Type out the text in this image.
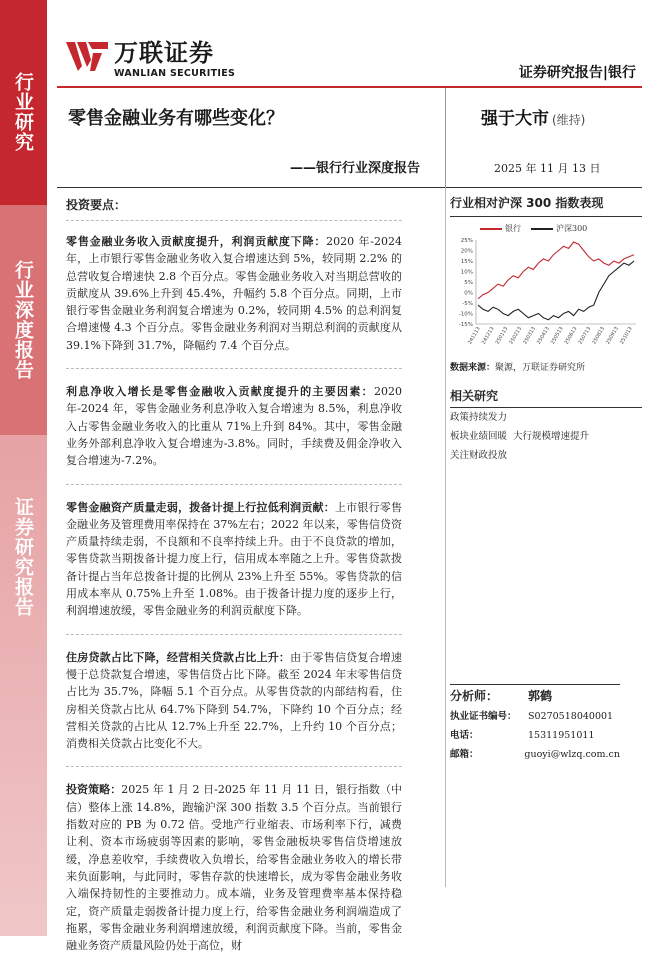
行业研究
行业深度报告
证券研究报告
万联证券
WANLIAN SECURITIES	证券研究报告|银行
零售金融业务有哪些变化？
——银行行业深度报告
强于大市 (维持)
2025 年 11 月 13 日
投资要点：

零售金融业务收入贡献度提升，利润贡献度下降：2020 年-2024 年，上市银行零售金融业务收入复合增速达到 5%，较同期 2.2% 的总营收复合增速快 2.8 个百分点。零售金融业务收入对当期总营收的贡献度从 39.6%上升到 45.4%，升幅约 5.8 个百分点。同期，上市银行零售金融业务利润复合增速为 0.2%，较同期 4.5% 的总利润复合增速慢 4.3 个百分点。零售金融业务利润对当期总利润的贡献度从 39.1%下降到 31.7%，降幅约 7.4 个百分点。

利息净收入增长是零售金融收入贡献度提升的主要因素：2020 年-2024 年，零售金融业务利息净收入复合增速为 8.5%，利息净收入占零售金融业务收入的比重从 71%上升到 84%。其中，零售金融业务外部利息净收入复合增速为-3.8%。同时，手续费及佣金净收入复合增速为-7.2%。

零售金融资产质量走弱，拨备计提上行拉低利润贡献：上市银行零售金融业务及管理费用率保持在 37%左右；2022 年以来，零售信贷资产质量持续走弱，不良额和不良率持续上升。由于不良贷款的增加，零售贷款当期拨备计提力度上行，信用成本率随之上升。零售贷款拨备计提占当年总拨备计提的比例从 23%上升至 55%。零售贷款的信用成本率从 0.75%上升至 1.08%。由于拨备计提力度的逐步上行，利润增速放缓，零售金融业务的利润贡献度下降。

住房贷款占比下降，经营相关贷款占比上升：由于零售信贷复合增速慢于总贷款复合增速，零售信贷占比下降。截至 2024 年末零售信贷占比为 35.7%，降幅 5.1 个百分点。从零售贷款的内部结构看，住房相关贷款占比从 64.7%下降到 54.7%，下降约 10 个百分点；经营相关贷款的占比从 12.7%上升至 22.7%，上升约 10 个百分点；消费相关贷款占比变化不大。

投资策略：2025 年 1 月 2 日-2025 年 11 月 11 日，银行指数（中信）整体上涨 14.8%，跑输沪深 300 指数 3.5 个百分点。当前银行指数对应的 PB 为 0.72 倍。受地产行业缩表、市场利率下行，减费让利、资本市场疲弱等因素的影响，零售金融板块零售信贷增速放缓，净息差收窄，手续费收入负增长，给零售金融业务收入的增长带来负面影响，与此同时，零售存款的快速增长，成为零售金融业务收入端保持韧性的主要推动力。成本端，业务及管理费率基本保持稳定，资产质量走弱拨备计提力度上行，给零售金融业务利润端造成了拖累，零售金融业务利润增速放缓，利润贡献度下降。当前，零售金融业务资产质量风险仍处于高位，财

行业相对沪深 300 指数表现
银行	沪深300
25%
20%
15%
10%
5%
0%
-5%
-10%
-15%
241113 241213 250113 250213 250313 250413 250513 250613 250713 250813 250913 251013
数据来源：聚源，万联证券研究所
相关研究
政策持续发力
板块业绩回暖 大行规模增速提升
关注财政投放
分析师：	郭鹤
执业证书编号：	S0270518040001
电话：	15311951011
邮箱：	guoyi@wlzq.com.cn
